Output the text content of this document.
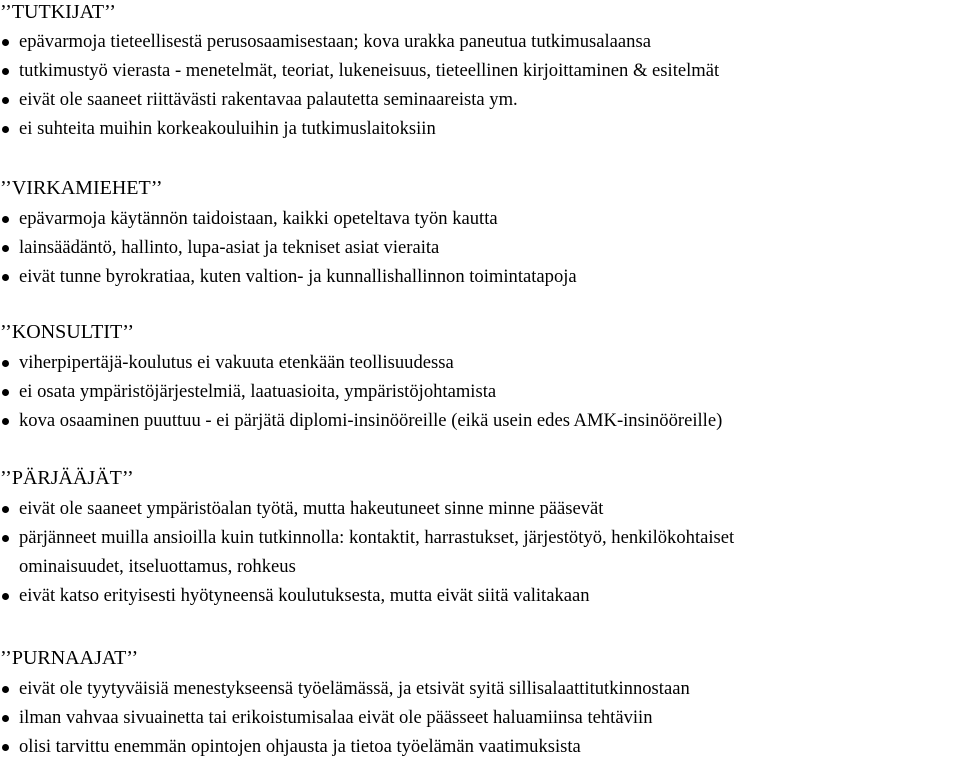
’’TUTKIJAT’’
epävarmoja tieteellisestä perusosaamisestaan; kova urakka paneutua tutkimusalaansa
tutkimustyö vierasta - menetelmät, teoriat, lukeneisuus, tieteellinen kirjoittaminen & esitelmät
eivät ole saaneet riittävästi rakentavaa palautetta seminaareista ym.
ei suhteita muihin korkeakouluihin ja tutkimuslaitoksiin
’’VIRKAMIEHET’’
epävarmoja käytännön taidoistaan, kaikki opeteltava työn kautta
lainsäädäntö, hallinto, lupa-asiat ja tekniset asiat vieraita
eivät tunne byrokratiaa, kuten valtion- ja kunnallishallinnon toimintatapoja
’’KONSULTIT’’
viherpipertäjä-koulutus ei vakuuta etenkään teollisuudessa
ei osata ympäristöjärjestelmiä, laatuasioita, ympäristöjohtamista
kova osaaminen puuttuu - ei pärjätä diplomi-insinööreille (eikä usein edes AMK-insinööreille)
’’PÄRJÄÄJÄT’’
eivät ole saaneet ympäristöalan työtä, mutta hakeutuneet sinne minne pääsevät
pärjänneet muilla ansioilla kuin tutkinnolla: kontaktit, harrastukset, järjestötyö, henkilökohtaiset
ominaisuudet, itseluottamus, rohkeus
eivät katso erityisesti hyötyneensä koulutuksesta, mutta eivät siitä valitakaan
’’PURNAAJAT’’
eivät ole tyytyväisiä menestykseensä työelämässä, ja etsivät syitä sillisalaattitutkinnostaan
ilman vahvaa sivuainetta tai erikoistumisalaa eivät ole päässeet haluamiinsa tehtäviin
olisi tarvittu enemmän opintojen ohjausta ja tietoa työelämän vaatimuksista
